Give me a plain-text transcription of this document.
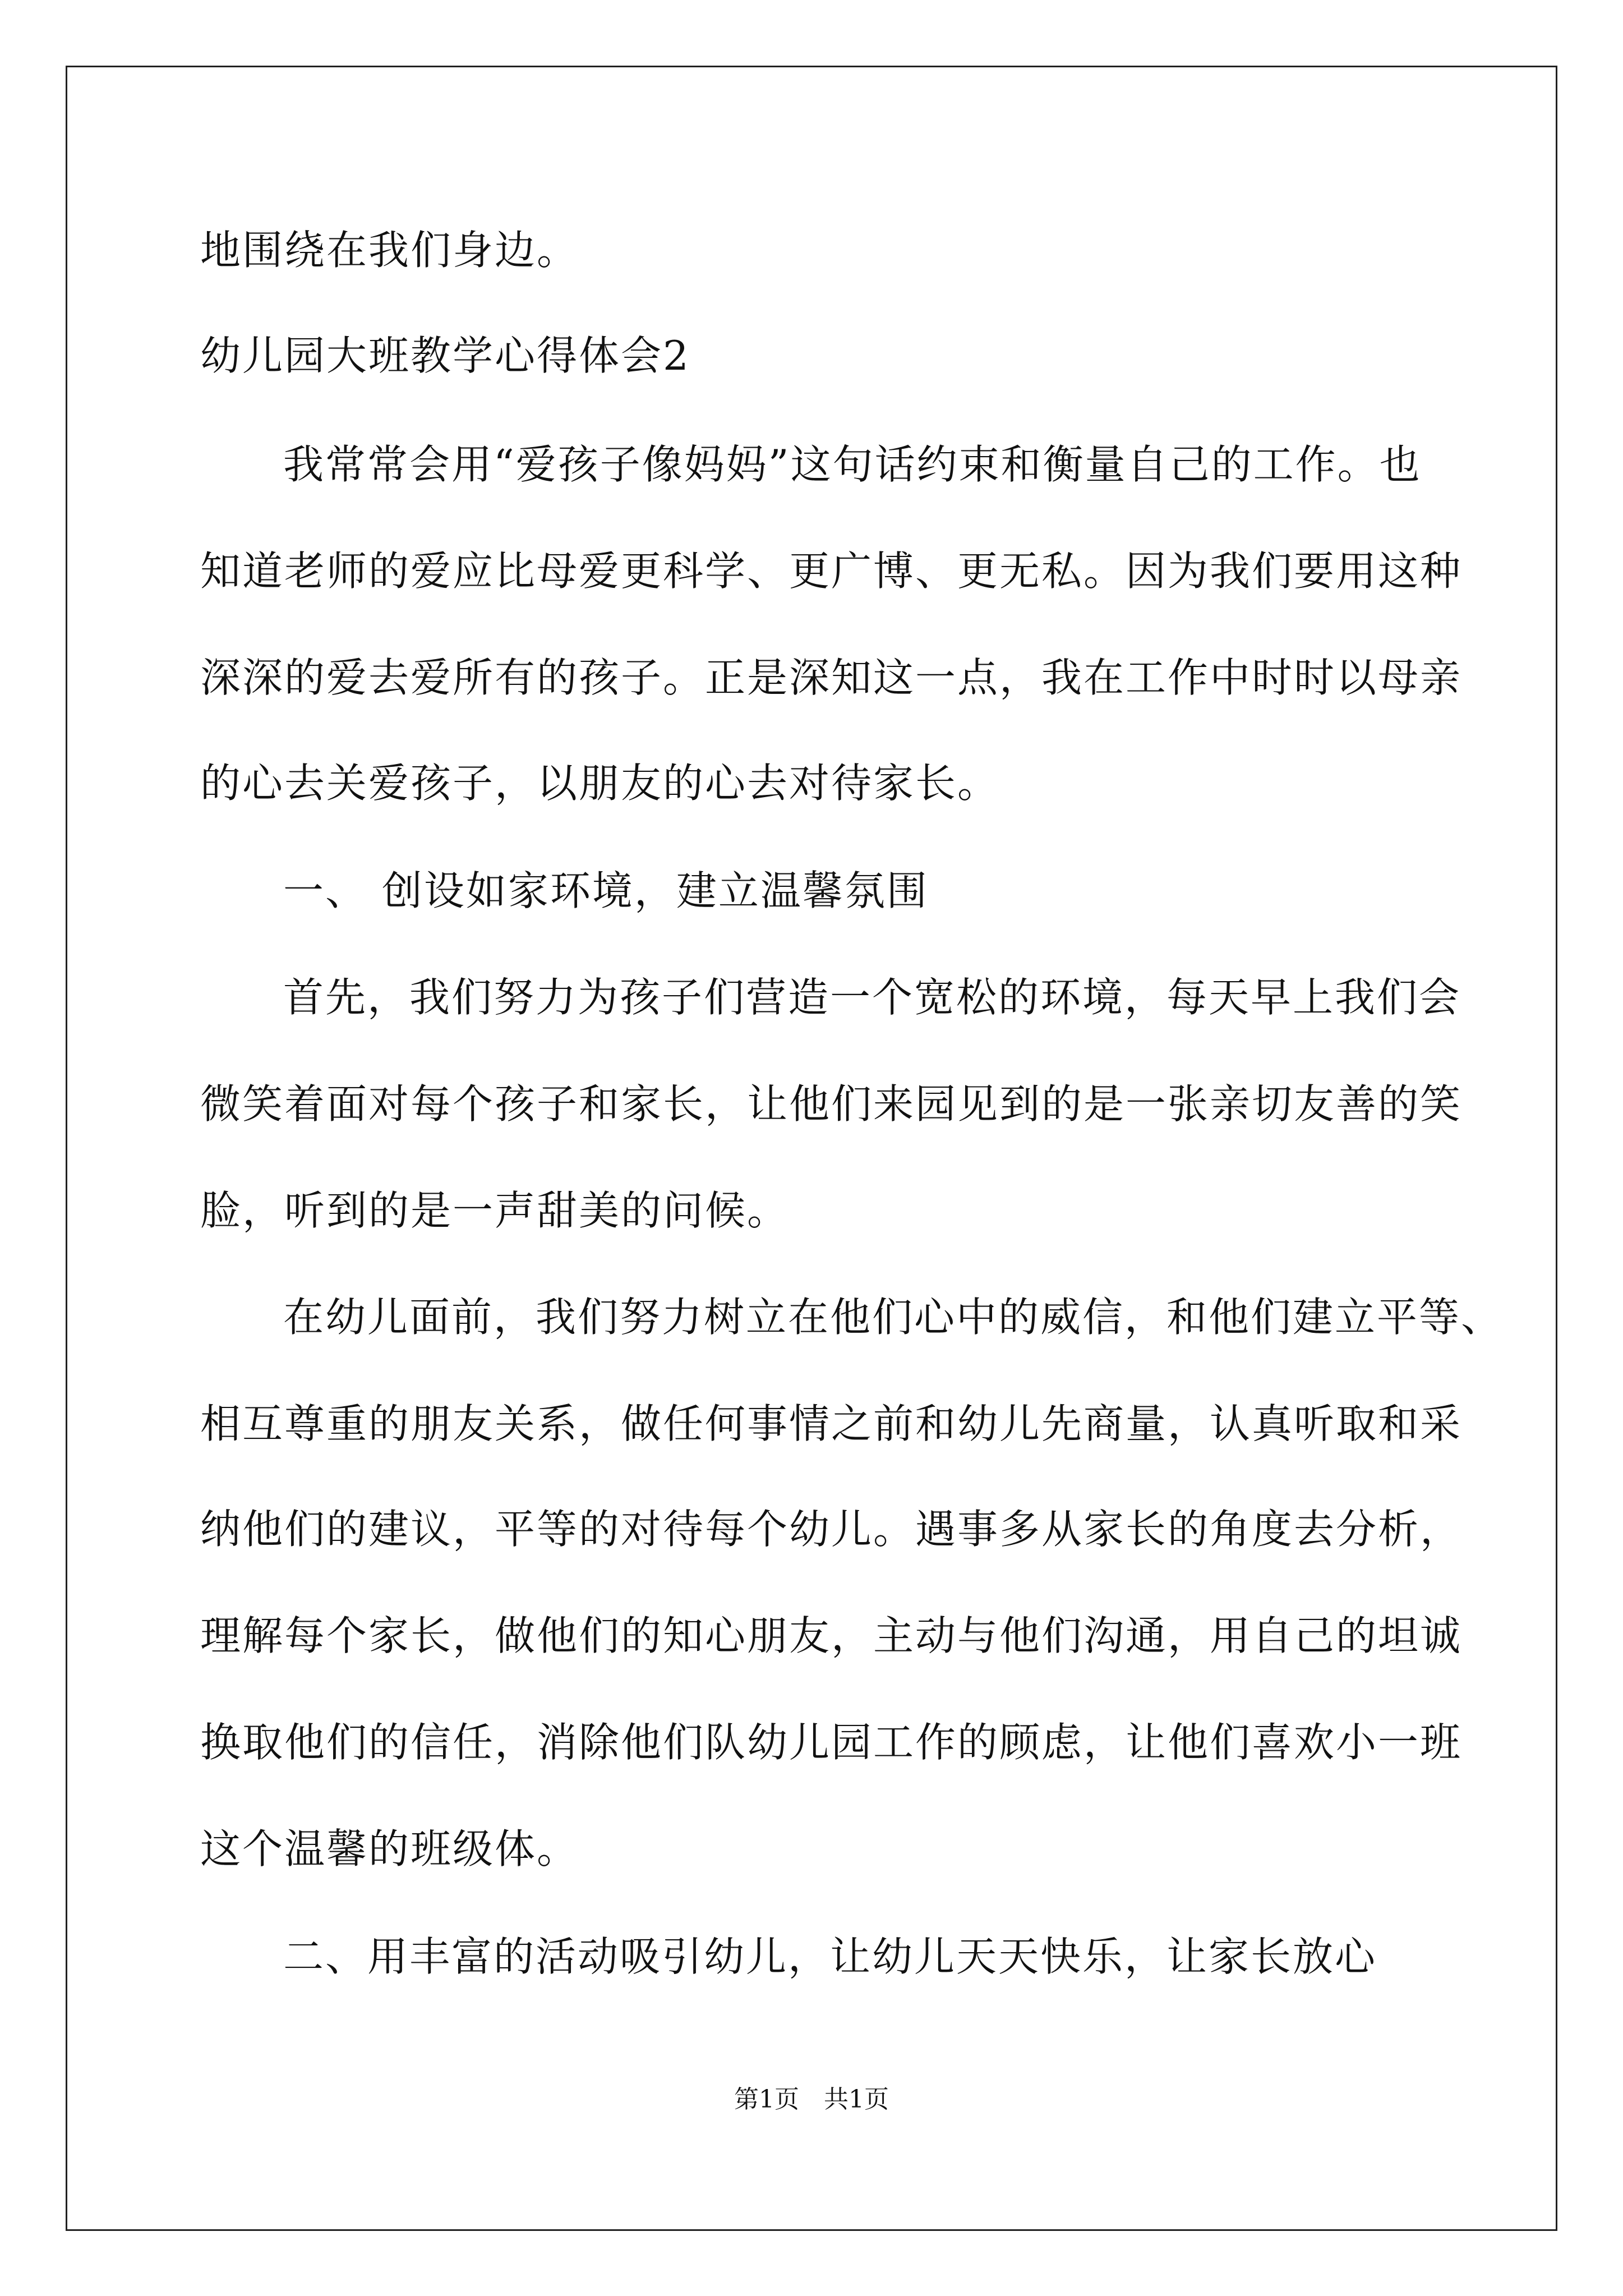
地围绕在我们身边。
幼儿园大班教学心得体会2
我常常会用“爱孩子像妈妈”这句话约束和衡量自己的工作。也
知道老师的爱应比母爱更科学、更广博、更无私。因为我们要用这种
深深的爱去爱所有的孩子。正是深知这一点，我在工作中时时以母亲
的心去关爱孩子，以朋友的心去对待家长。
一、 创设如家环境，建立温馨氛围
首先，我们努力为孩子们营造一个宽松的环境，每天早上我们会
微笑着面对每个孩子和家长，让他们来园见到的是一张亲切友善的笑
脸，听到的是一声甜美的问候。
在幼儿面前，我们努力树立在他们心中的威信，和他们建立平等、
相互尊重的朋友关系，做任何事情之前和幼儿先商量，认真听取和采
纳他们的建议，平等的对待每个幼儿。遇事多从家长的角度去分析，
理解每个家长，做他们的知心朋友，主动与他们沟通，用自己的坦诚
换取他们的信任，消除他们队幼儿园工作的顾虑，让他们喜欢小一班
这个温馨的班级体。
二、用丰富的活动吸引幼儿，让幼儿天天快乐，让家长放心
第1页　共1页
